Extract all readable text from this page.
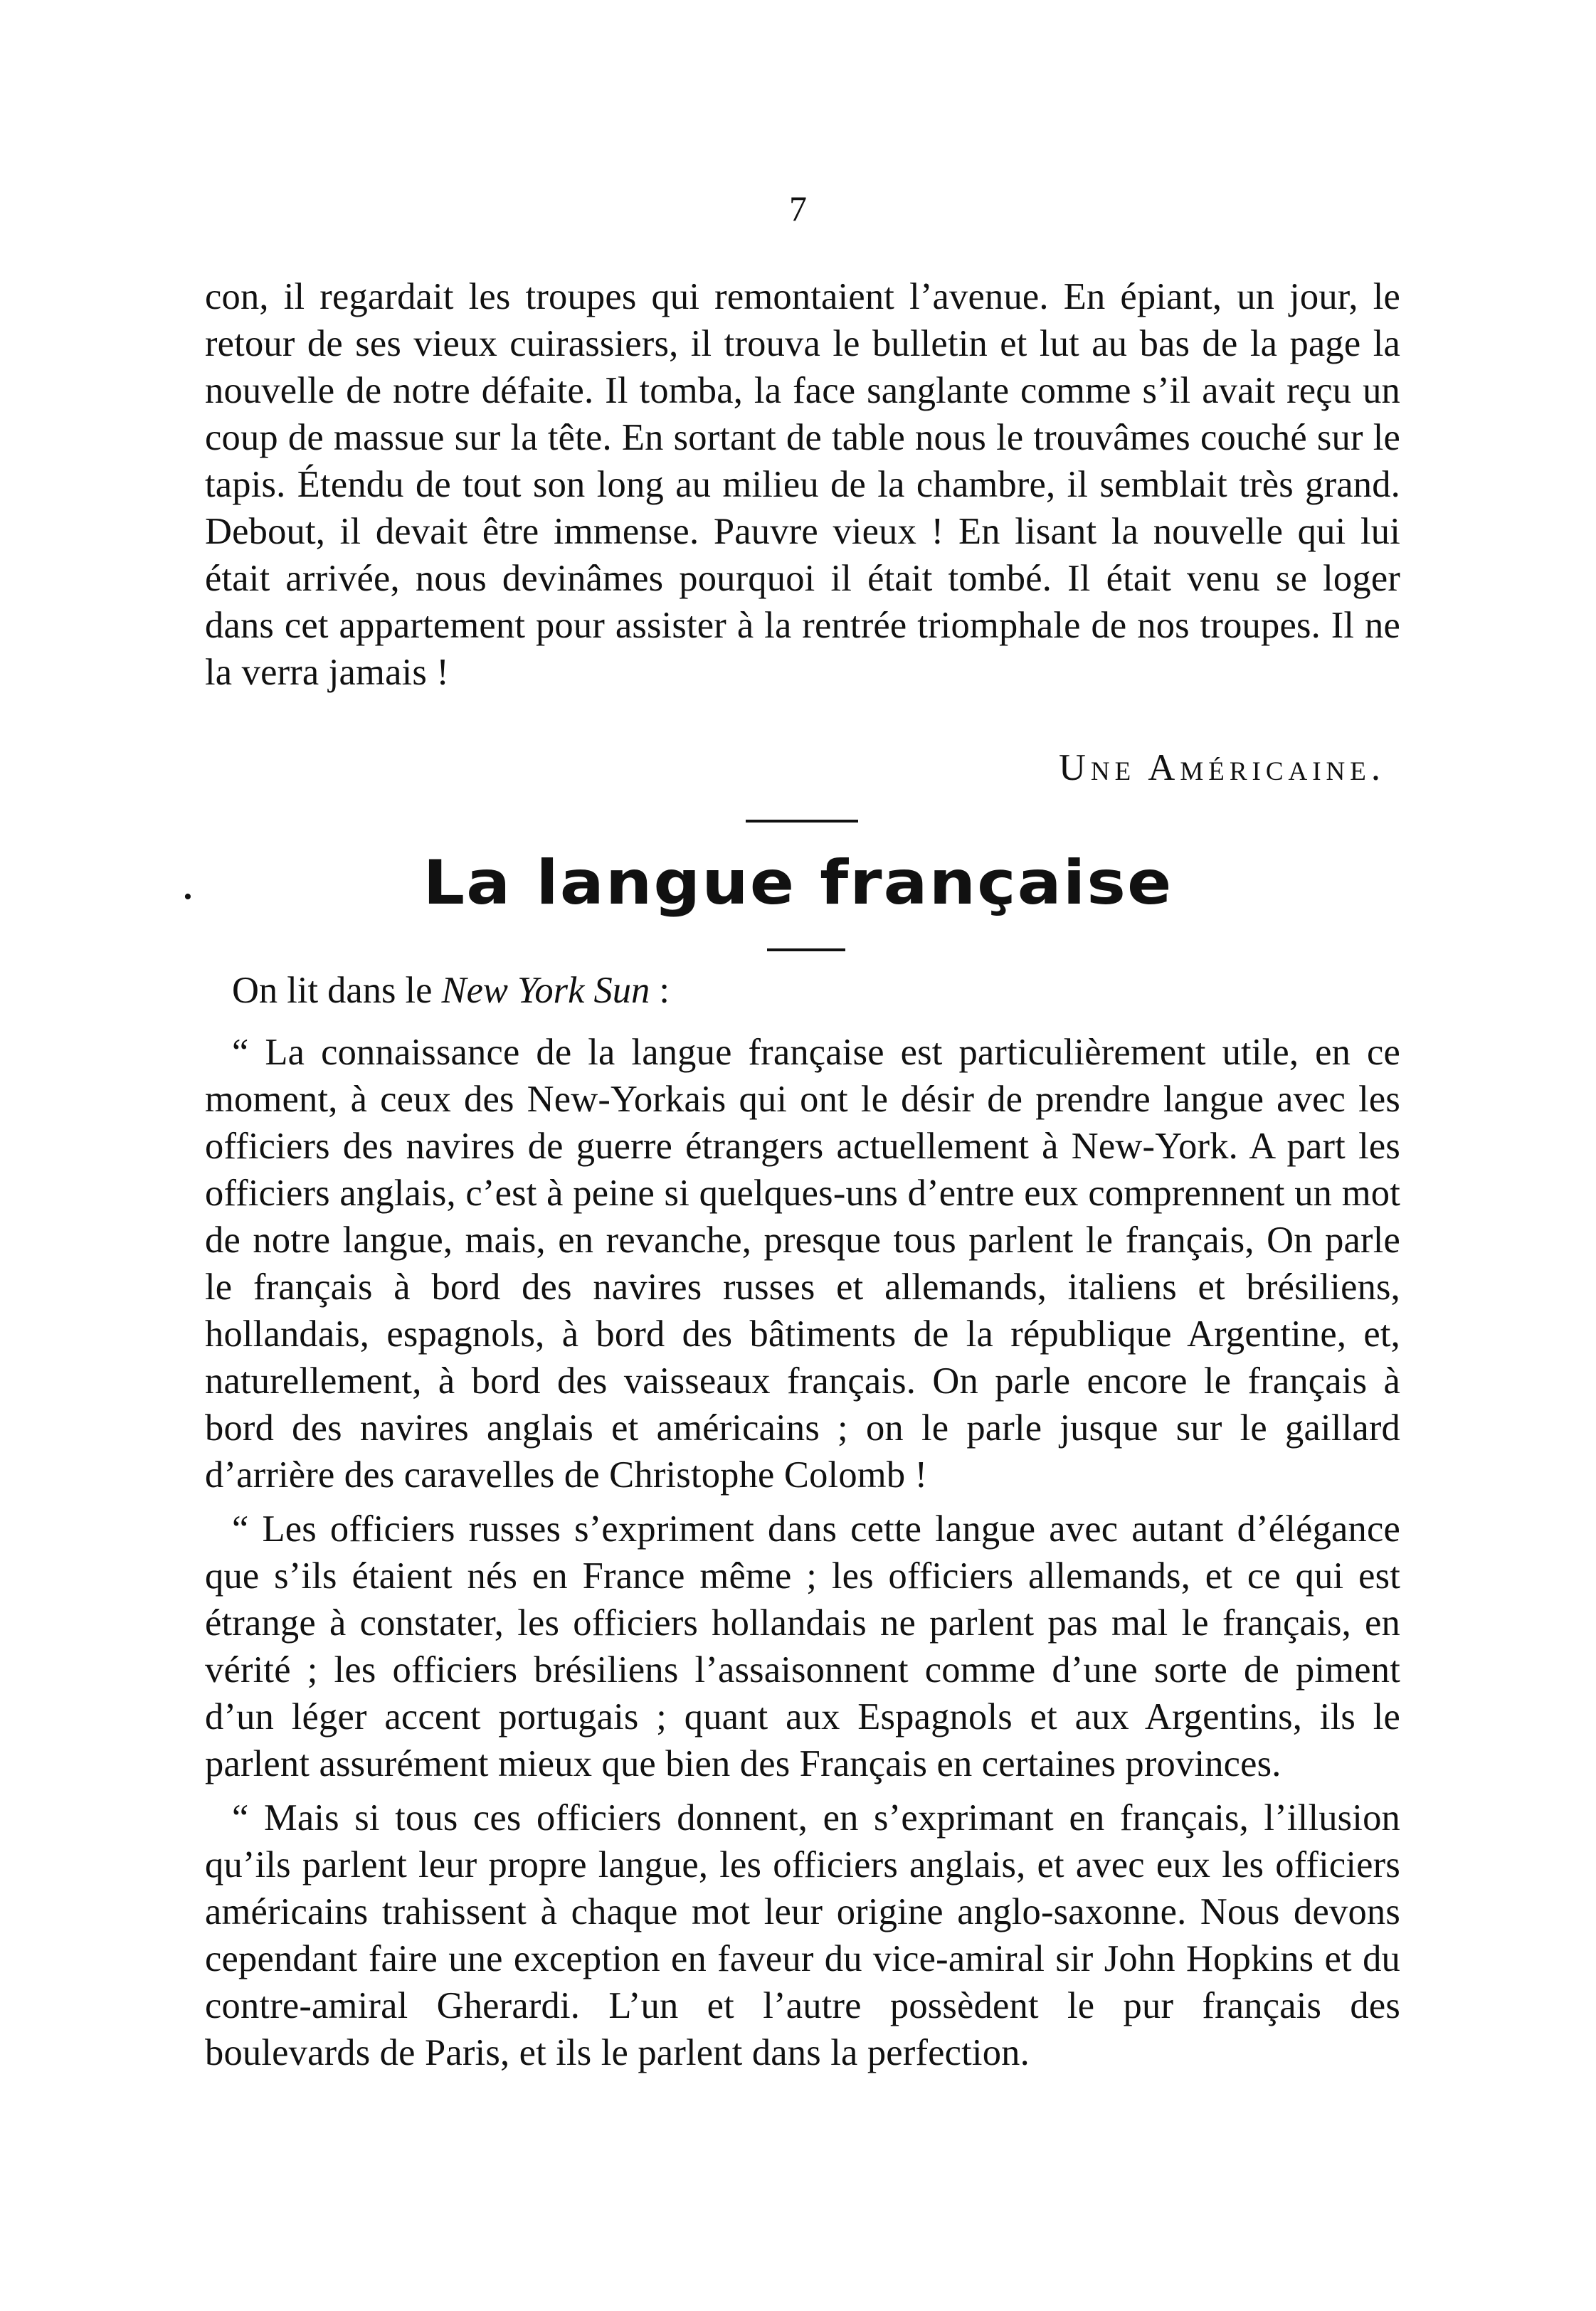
7

con, il regardait les troupes qui remontaient l’avenue. En épiant, un jour, le retour de ses vieux cuirassiers, il trouva le bulletin et lut au bas de la page la nouvelle de notre défaite. Il tomba, la face sanglante comme s’il avait reçu un coup de massue sur la tête. En sortant de table nous le trouvâmes couché sur le tapis. Étendu de tout son long au milieu de la chambre, il semblait très grand. Debout, il devait être immense. Pauvre vieux ! En lisant la nouvelle qui lui était arrivée, nous devinâmes pourquoi il était tombé. Il était venu se loger dans cet appartement pour assister à la rentrée triomphale de nos troupes. Il ne la verra jamais !

Une Américaine.
•	La langue française
On lit dans le New York Sun :

“ La connaissance de la langue française est particulièrement utile, en ce moment, à ceux des New-Yorkais qui ont le désir de prendre langue avec les officiers des navires de guerre étrangers actuellement à New-York. A part les officiers anglais, c’est à peine si quelques-uns d’entre eux comprennent un mot de notre langue, mais, en revanche, presque tous parlent le français, On parle le français à bord des navires russes et allemands, italiens et brésiliens, hollandais, espagnols, à bord des bâtiments de la république Argentine, et, naturellement, à bord des vaisseaux français. On parle encore le français à bord des navires anglais et américains ; on le parle jusque sur le gaillard d’arrière des caravelles de Christophe Colomb !

“ Les officiers russes s’expriment dans cette langue avec autant d’élégance que s’ils étaient nés en France même ; les officiers allemands, et ce qui est étrange à constater, les officiers hollandais ne parlent pas mal le français, en vérité ; les officiers brésiliens l’assaisonnent comme d’une sorte de piment d’un léger accent portugais ; quant aux Espagnols et aux Argentins, ils le parlent assurément mieux que bien des Français en certaines provinces.

“ Mais si tous ces officiers donnent, en s’exprimant en français, l’illusion qu’ils parlent leur propre langue, les officiers anglais, et avec eux les officiers américains trahissent à chaque mot leur origine anglo-saxonne. Nous devons cependant faire une exception en faveur du vice-amiral sir John Hopkins et du contre-amiral Gherardi. L’un et l’autre possèdent le pur français des boulevards de Paris, et ils le parlent dans la perfection.
